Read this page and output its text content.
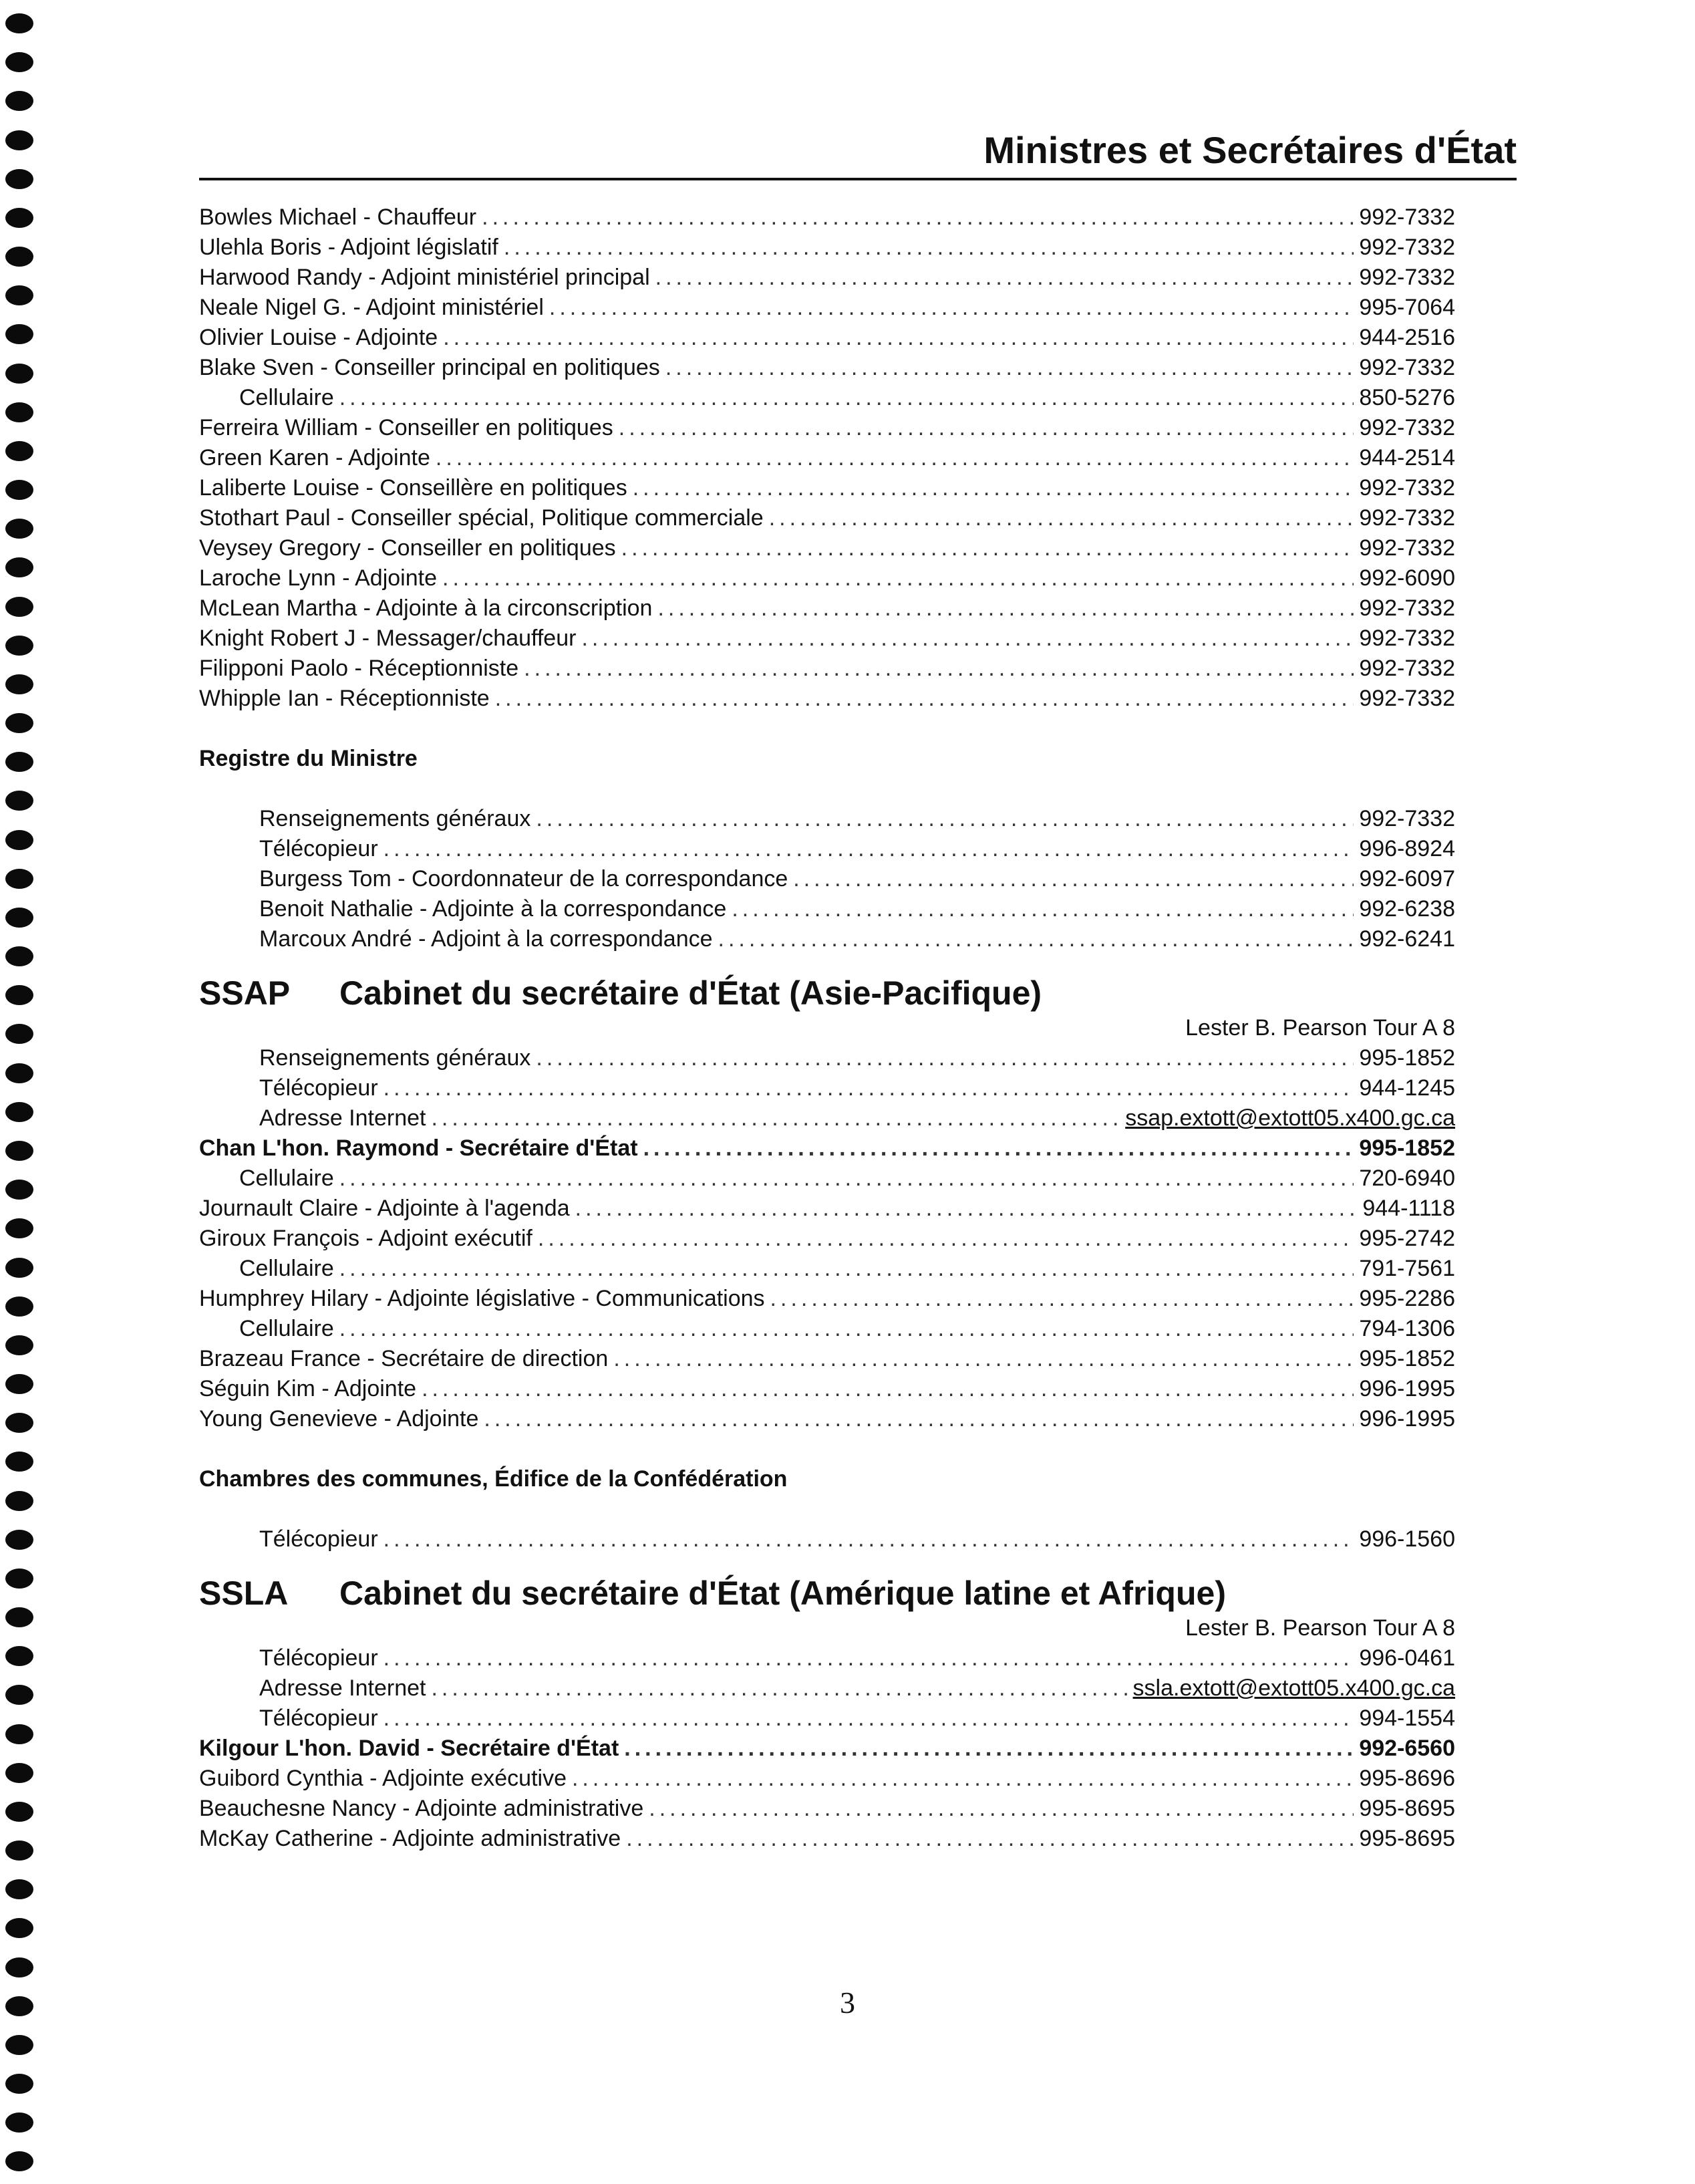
Ministres et Secrétaires d'État
Bowles Michael - Chauffeur .....	992-7332
Ulehla Boris - Adjoint législatif .....	992-7332
Harwood Randy - Adjoint ministériel principal .....	992-7332
Neale Nigel G. - Adjoint ministériel .....	995-7064
Olivier Louise - Adjointe .....	944-2516
Blake Sven - Conseiller principal en politiques .....	992-7332
Cellulaire .....	850-5276
Ferreira William - Conseiller en politiques .....	992-7332
Green Karen - Adjointe .....	944-2514
Laliberte Louise - Conseillère en politiques .....	992-7332
Stothart Paul - Conseiller spécial, Politique commerciale .....	992-7332
Veysey Gregory - Conseiller en politiques .....	992-7332
Laroche Lynn - Adjointe .....	992-6090
McLean Martha - Adjointe à la circonscription .....	992-7332
Knight Robert J - Messager/chauffeur .....	992-7332
Filipponi Paolo - Réceptionniste .....	992-7332
Whipple Ian - Réceptionniste .....	992-7332
Registre du Ministre
Renseignements généraux .....	992-7332
Télécopieur .....	996-8924
Burgess Tom - Coordonnateur de la correspondance .....	992-6097
Benoit Nathalie - Adjointe à la correspondance .....	992-6238
Marcoux André - Adjoint à la correspondance .....	992-6241
SSAP	Cabinet du secrétaire d'État (Asie-Pacifique)
Lester B. Pearson Tour A 8
Renseignements généraux .....	995-1852
Télécopieur .....	944-1245
Adresse Internet .....	ssap.extott@extott05.x400.gc.ca
Chan L'hon. Raymond - Secrétaire d'État .....	995-1852
Cellulaire .....	720-6940
Journault Claire - Adjointe à l'agenda .....	944-1118
Giroux François - Adjoint exécutif .....	995-2742
Cellulaire .....	791-7561
Humphrey Hilary - Adjointe législative - Communications .....	995-2286
Cellulaire .....	794-1306
Brazeau France - Secrétaire de direction .....	995-1852
Séguin Kim - Adjointe .....	996-1995
Young Genevieve - Adjointe .....	996-1995
Chambres des communes, Édifice de la Confédération
Télécopieur .....	996-1560
SSLA	Cabinet du secrétaire d'État (Amérique latine et Afrique)
Lester B. Pearson Tour A 8
Télécopieur .....	996-0461
Adresse Internet .....	ssla.extott@extott05.x400.gc.ca
Télécopieur .....	994-1554
Kilgour L'hon. David - Secrétaire d'État .....	992-6560
Guibord Cynthia - Adjointe exécutive .....	995-8696
Beauchesne Nancy - Adjointe administrative .....	995-8695
McKay Catherine - Adjointe administrative .....	995-8695
3
